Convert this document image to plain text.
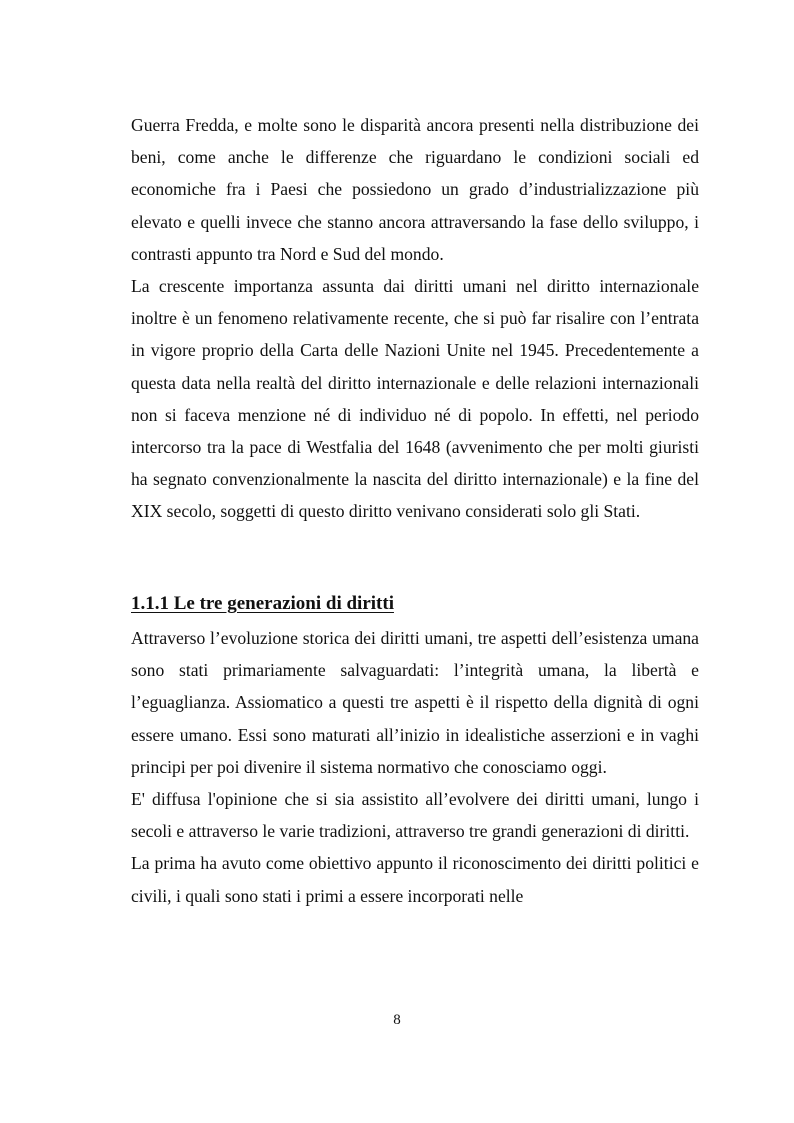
Guerra Fredda, e molte sono le disparità ancora presenti nella distribuzione dei beni, come anche le differenze che riguardano le condizioni sociali ed economiche fra i Paesi che possiedono un grado d’industrializzazione più elevato e quelli invece che stanno ancora attraversando la fase dello sviluppo, i contrasti appunto tra Nord e Sud del mondo.

La crescente importanza assunta dai diritti umani nel diritto internazionale inoltre è un fenomeno relativamente recente, che si può far risalire con l’entrata in vigore proprio della Carta delle Nazioni Unite nel 1945. Precedentemente a questa data nella realtà del diritto internazionale e delle relazioni internazionali non si faceva menzione né di individuo né di popolo. In effetti, nel periodo intercorso tra la pace di Westfalia del 1648 (avvenimento che per molti giuristi ha segnato convenzionalmente la nascita del diritto internazionale) e la fine del XIX secolo, soggetti di questo diritto venivano considerati solo gli Stati.

1.1.1 Le tre generazioni di diritti

Attraverso l’evoluzione storica dei diritti umani, tre aspetti dell’esistenza umana sono stati primariamente salvaguardati: l’integrità umana, la libertà e l’eguaglianza. Assiomatico a questi tre aspetti è il rispetto della dignità di ogni essere umano. Essi sono maturati all’inizio in idealistiche asserzioni e in vaghi principi per poi divenire il sistema normativo che conosciamo oggi.

E' diffusa l'opinione che si sia assistito all’evolvere dei diritti umani, lungo i secoli e attraverso le varie tradizioni, attraverso tre grandi generazioni di diritti.

La prima ha avuto come obiettivo appunto il riconoscimento dei diritti politici e civili, i quali sono stati i primi a essere incorporati nelle

8
